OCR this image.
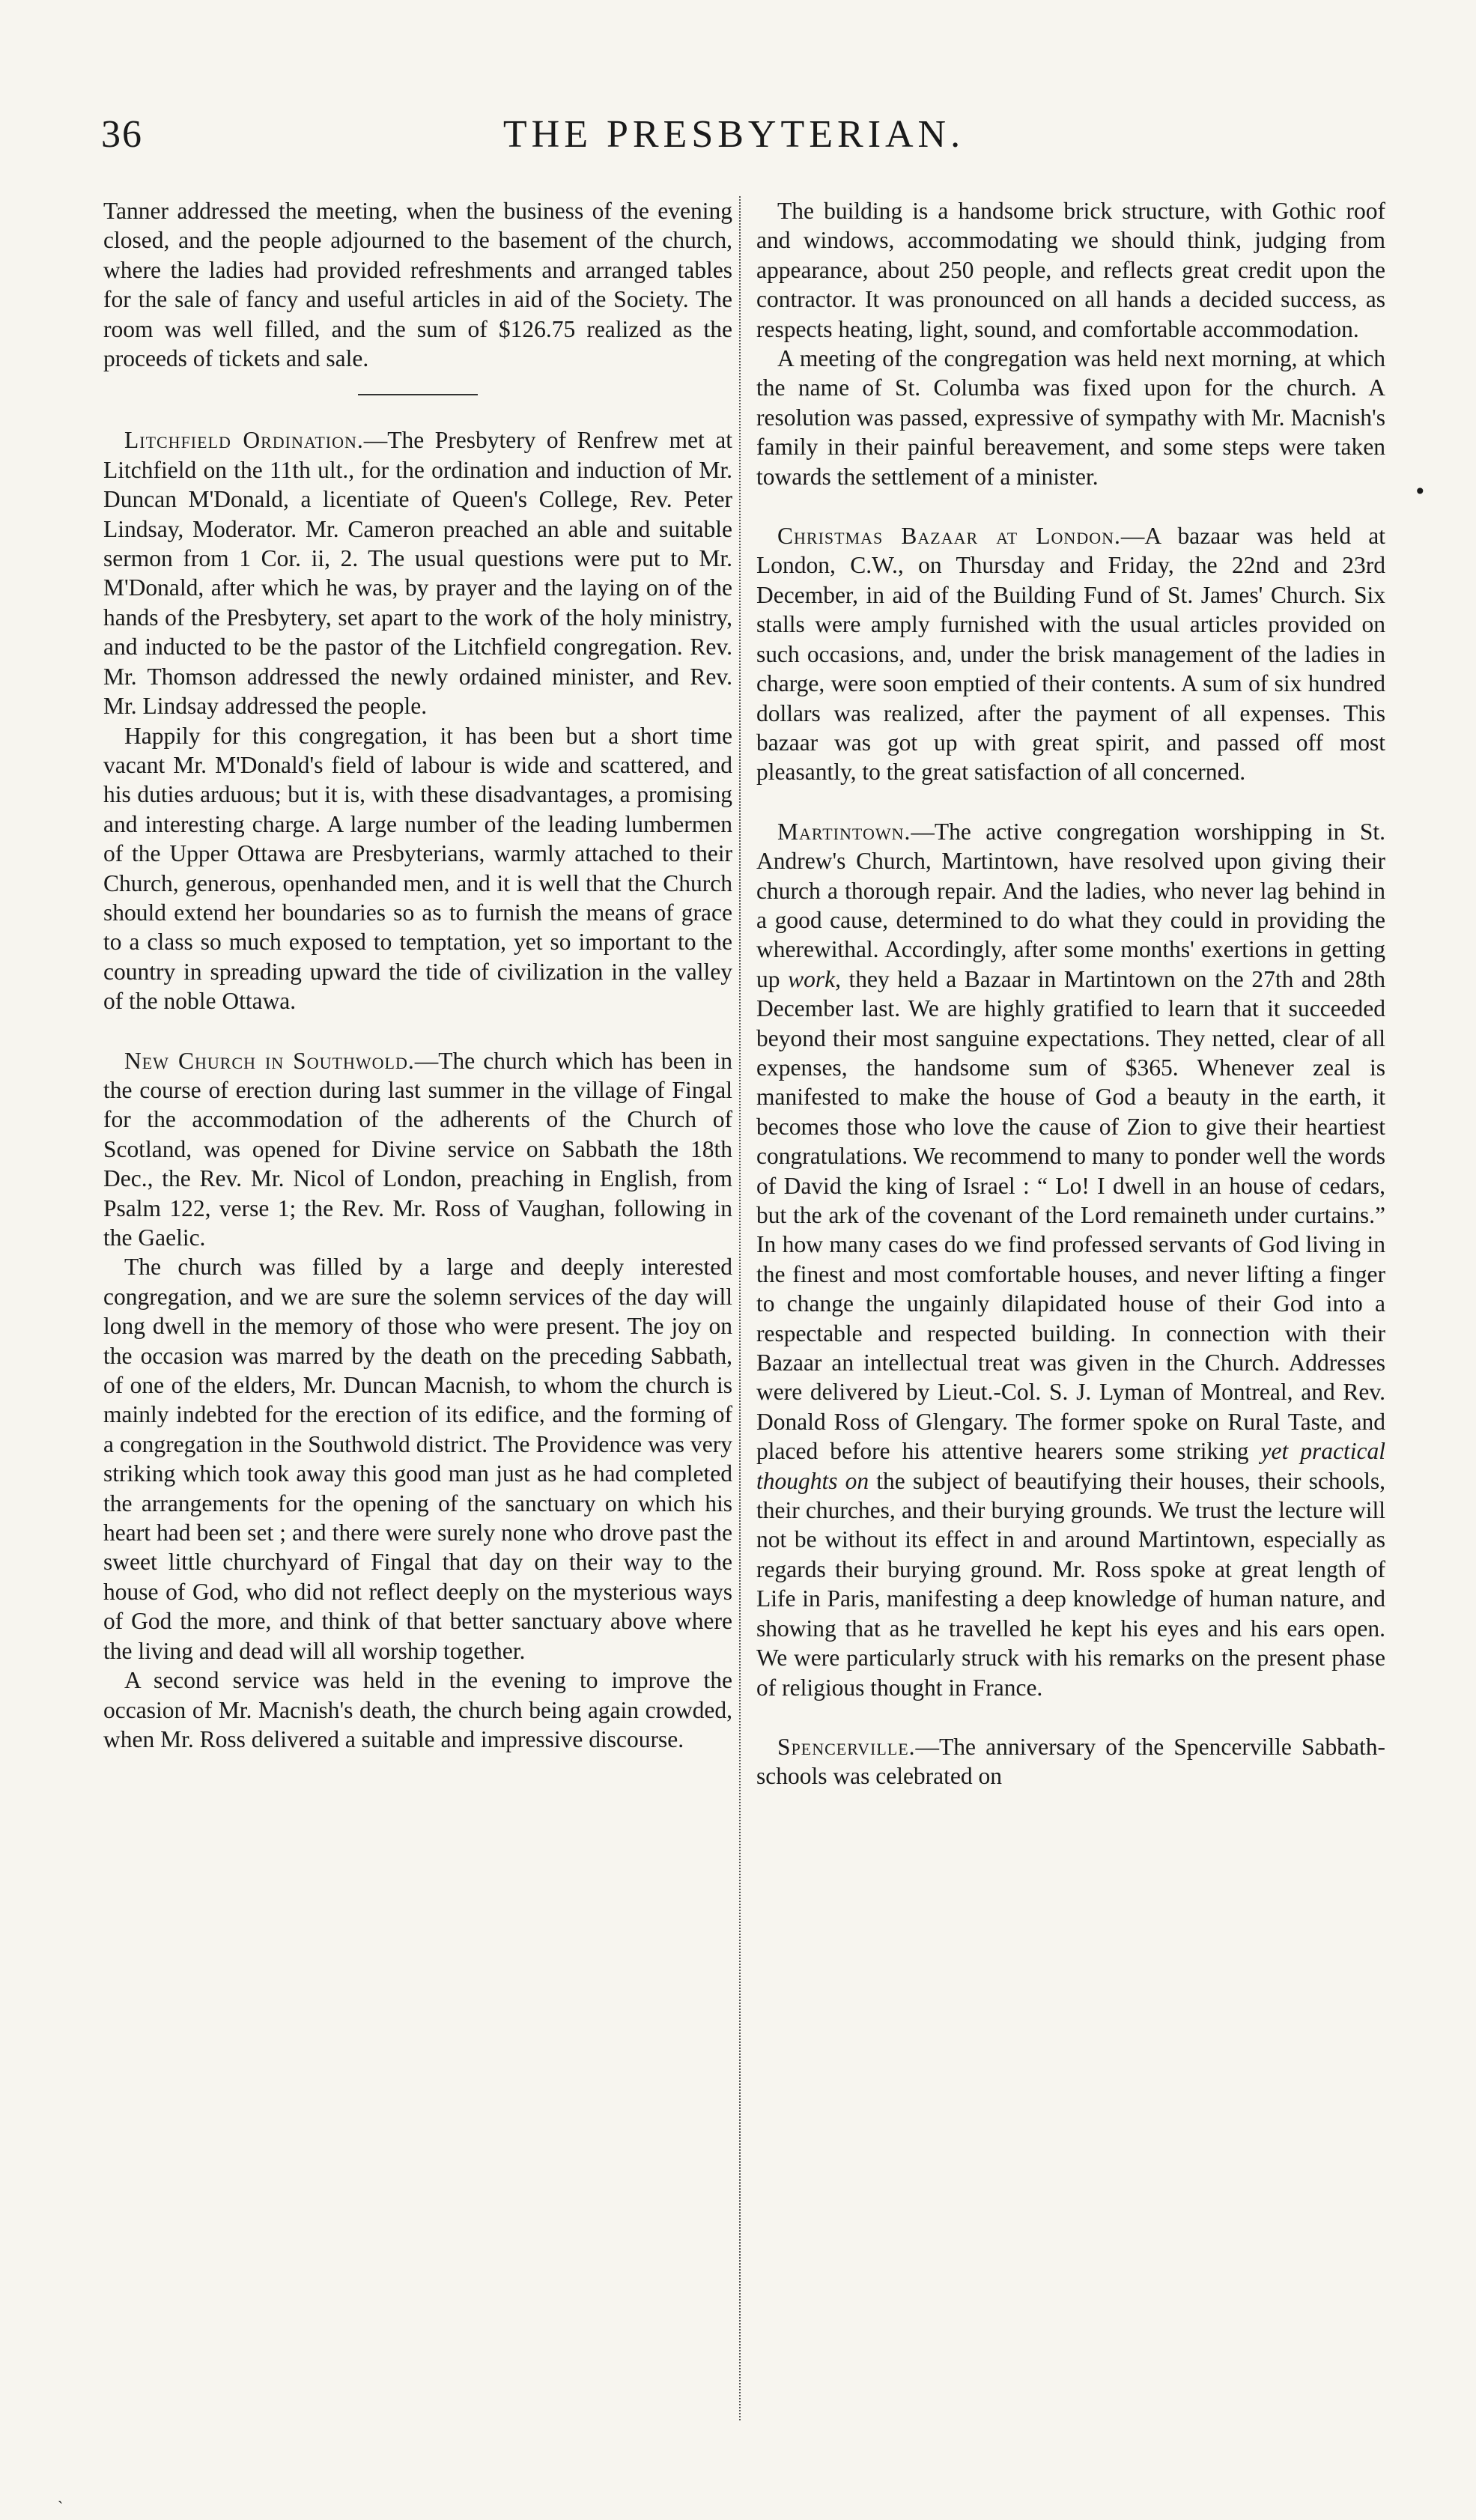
36	THE PRESBYTERIAN.

Tanner addressed the meeting, when the business of the evening closed, and the people adjourned to the basement of the church, where the ladies had provided refreshments and arranged tables for the sale of fancy and useful articles in aid of the Society. The room was well filled, and the sum of $126.75 realized as the proceeds of tickets and sale.

Litchfield Ordination.—The Presbytery of Renfrew met at Litchfield on the 11th ult., for the ordination and induction of Mr. Duncan M'Donald, a licentiate of Queen's College, Rev. Peter Lindsay, Moderator. Mr. Cameron preached an able and suitable sermon from 1 Cor. ii, 2. The usual questions were put to Mr. M'Donald, after which he was, by prayer and the laying on of the hands of the Presbytery, set apart to the work of the holy ministry, and inducted to be the pastor of the Litchfield congregation. Rev. Mr. Thomson addressed the newly ordained minister, and Rev. Mr. Lindsay addressed the people.

Happily for this congregation, it has been but a short time vacant Mr. M'Donald's field of labour is wide and scattered, and his duties arduous; but it is, with these disadvantages, a promising and interesting charge. A large number of the leading lumbermen of the Upper Ottawa are Presbyterians, warmly attached to their Church, generous, openhanded men, and it is well that the Church should extend her boundaries so as to furnish the means of grace to a class so much exposed to temptation, yet so important to the country in spreading upward the tide of civilization in the valley of the noble Ottawa.

New Church in Southwold.—The church which has been in the course of erection during last summer in the village of Fingal for the accommodation of the adherents of the Church of Scotland, was opened for Divine service on Sabbath the 18th Dec., the Rev. Mr. Nicol of London, preaching in English, from Psalm 122, verse 1; the Rev. Mr. Ross of Vaughan, following in the Gaelic.

The church was filled by a large and deeply interested congregation, and we are sure the solemn services of the day will long dwell in the memory of those who were present. The joy on the occasion was marred by the death on the preceding Sabbath, of one of the elders, Mr. Duncan Macnish, to whom the church is mainly indebted for the erection of its edifice, and the forming of a congregation in the Southwold district. The Providence was very striking which took away this good man just as he had completed the arrangements for the opening of the sanctuary on which his heart had been set ; and there were surely none who drove past the sweet little churchyard of Fingal that day on their way to the house of God, who did not reflect deeply on the mysterious ways of God the more, and think of that better sanctuary above where the living and dead will all worship together.

A second service was held in the evening to improve the occasion of Mr. Macnish's death, the church being again crowded, when Mr. Ross delivered a suitable and impressive discourse.

The building is a handsome brick structure, with Gothic roof and windows, accommodating we should think, judging from appearance, about 250 people, and reflects great credit upon the contractor. It was pronounced on all hands a decided success, as respects heating, light, sound, and comfortable accommodation.

A meeting of the congregation was held next morning, at which the name of St. Columba was fixed upon for the church. A resolution was passed, expressive of sympathy with Mr. Macnish's family in their painful bereavement, and some steps were taken towards the settlement of a minister.

Christmas Bazaar at London.—A bazaar was held at London, C.W., on Thursday and Friday, the 22nd and 23rd December, in aid of the Building Fund of St. James' Church. Six stalls were amply furnished with the usual articles provided on such occasions, and, under the brisk management of the ladies in charge, were soon emptied of their contents. A sum of six hundred dollars was realized, after the payment of all expenses. This bazaar was got up with great spirit, and passed off most pleasantly, to the great satisfaction of all concerned.

Martintown.—The active congregation worshipping in St. Andrew's Church, Martintown, have resolved upon giving their church a thorough repair. And the ladies, who never lag behind in a good cause, determined to do what they could in providing the wherewithal. Accordingly, after some months' exertions in getting up work, they held a Bazaar in Martintown on the 27th and 28th December last. We are highly gratified to learn that it succeeded beyond their most sanguine expectations. They netted, clear of all expenses, the handsome sum of $365. Whenever zeal is manifested to make the house of God a beauty in the earth, it becomes those who love the cause of Zion to give their heartiest congratulations. We recommend to many to ponder well the words of David the king of Israel : “ Lo! I dwell in an house of cedars, but the ark of the covenant of the Lord remaineth under curtains.” In how many cases do we find professed servants of God living in the finest and most comfortable houses, and never lifting a finger to change the ungainly dilapidated house of their God into a respectable and respected building. In connection with their Bazaar an intellectual treat was given in the Church. Addresses were delivered by Lieut.-Col. S. J. Lyman of Montreal, and Rev. Donald Ross of Glengary. The former spoke on Rural Taste, and placed before his attentive hearers some striking yet practical thoughts on the subject of beautifying their houses, their schools, their churches, and their burying grounds. We trust the lecture will not be without its effect in and around Martintown, especially as regards their burying ground. Mr. Ross spoke at great length of Life in Paris, manifesting a deep knowledge of human nature, and showing that as he travelled he kept his eyes and his ears open. We were particularly struck with his remarks on the present phase of religious thought in France.

Spencerville.—The anniversary of the Spencerville Sabbath-schools was celebrated on

•
ˏ
